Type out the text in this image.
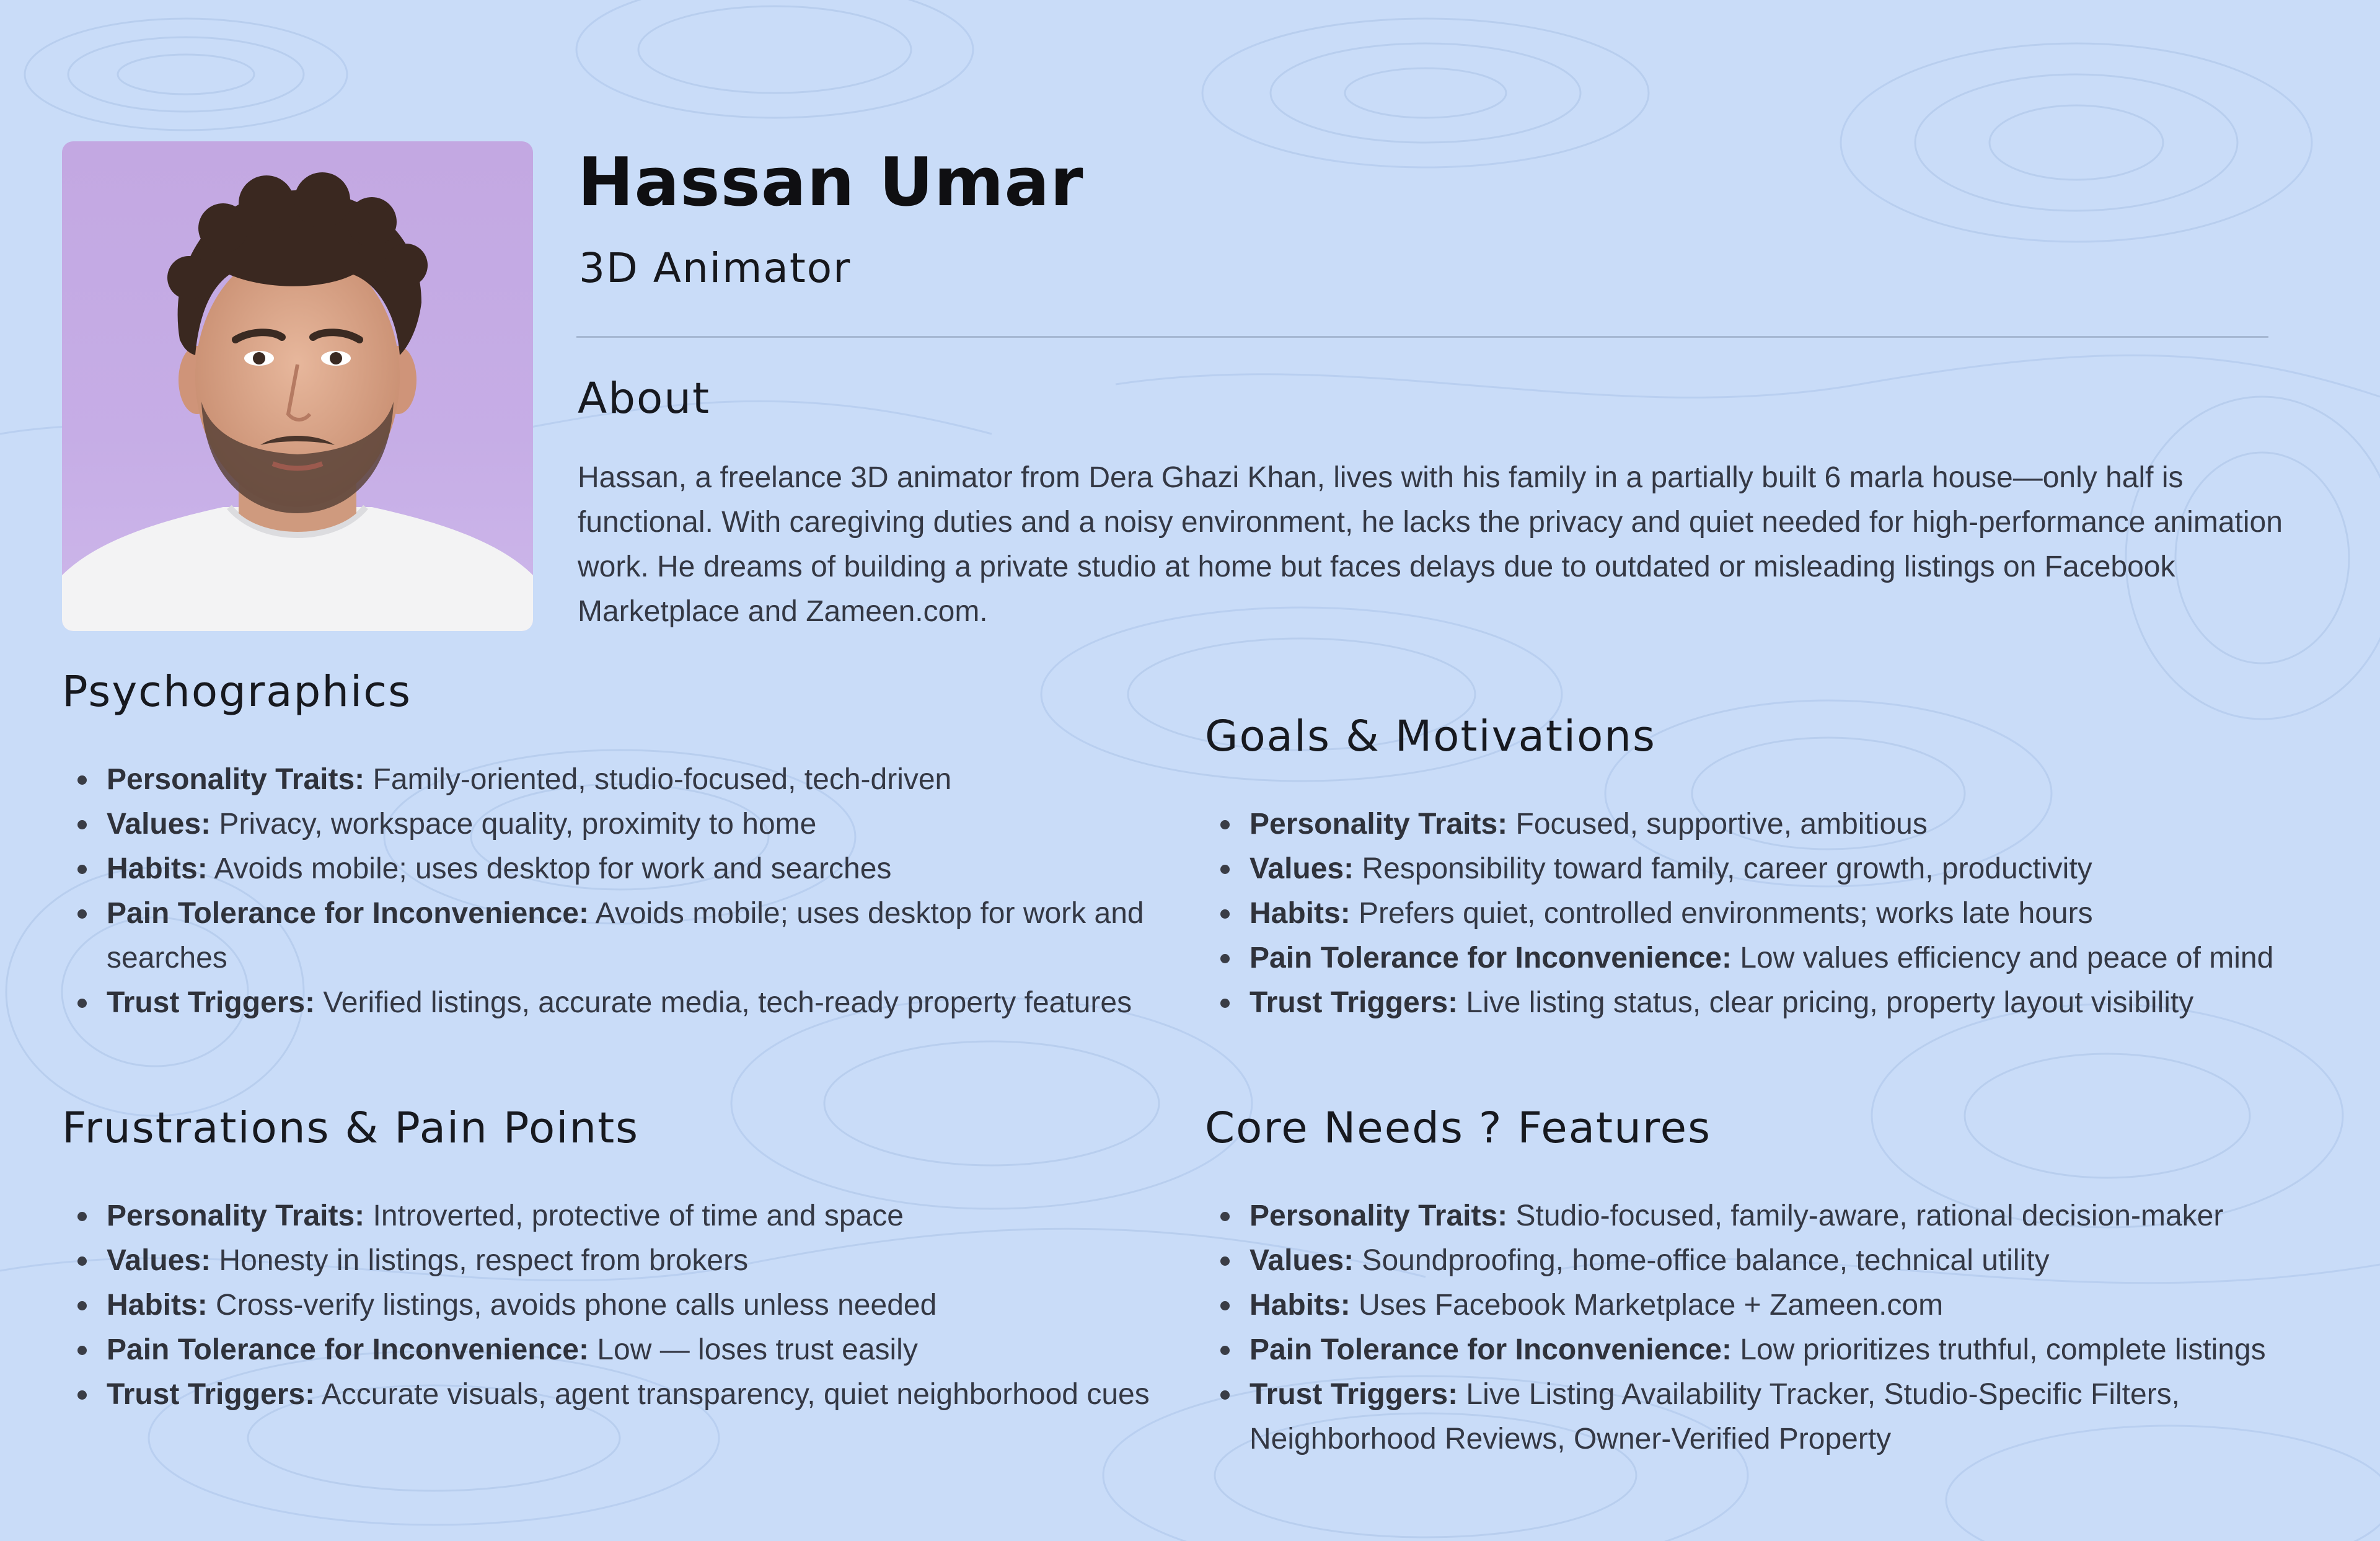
Hassan Umar
3D Animator
About
Hassan, a freelance 3D animator from Dera Ghazi Khan, lives with his family in a partially built 6 marla house—only half is functional. With caregiving duties and a noisy environment, he lacks the privacy and quiet needed for high-performance animation work. He dreams of building a private studio at home but faces delays due to outdated or misleading listings on Facebook Marketplace and Zameen.com.
Psychographics
Personality Traits: Family-oriented, studio-focused, tech-driven
Values: Privacy, workspace quality, proximity to home
Habits: Avoids mobile; uses desktop for work and searches
Pain Tolerance for Inconvenience: Avoids mobile; uses desktop for work and searches
Trust Triggers: Verified listings, accurate media, tech-ready property features
Goals & Motivations
Personality Traits: Focused, supportive, ambitious
Values: Responsibility toward family, career growth, productivity
Habits: Prefers quiet, controlled environments; works late hours
Pain Tolerance for Inconvenience: Low values efficiency and peace of mind
Trust Triggers: Live listing status, clear pricing, property layout visibility
Frustrations & Pain Points
Personality Traits: Introverted, protective of time and space
Values: Honesty in listings, respect from brokers
Habits: Cross-verify listings, avoids phone calls unless needed
Pain Tolerance for Inconvenience: Low — loses trust easily
Trust Triggers: Accurate visuals, agent transparency, quiet neighborhood cues
Core Needs ? Features
Personality Traits: Studio-focused, family-aware, rational decision-maker
Values: Soundproofing, home-office balance, technical utility
Habits: Uses Facebook Marketplace + Zameen.com
Pain Tolerance for Inconvenience: Low prioritizes truthful, complete listings
Trust Triggers: Live Listing Availability Tracker, Studio-Specific Filters, Neighborhood Reviews, Owner-Verified Property
